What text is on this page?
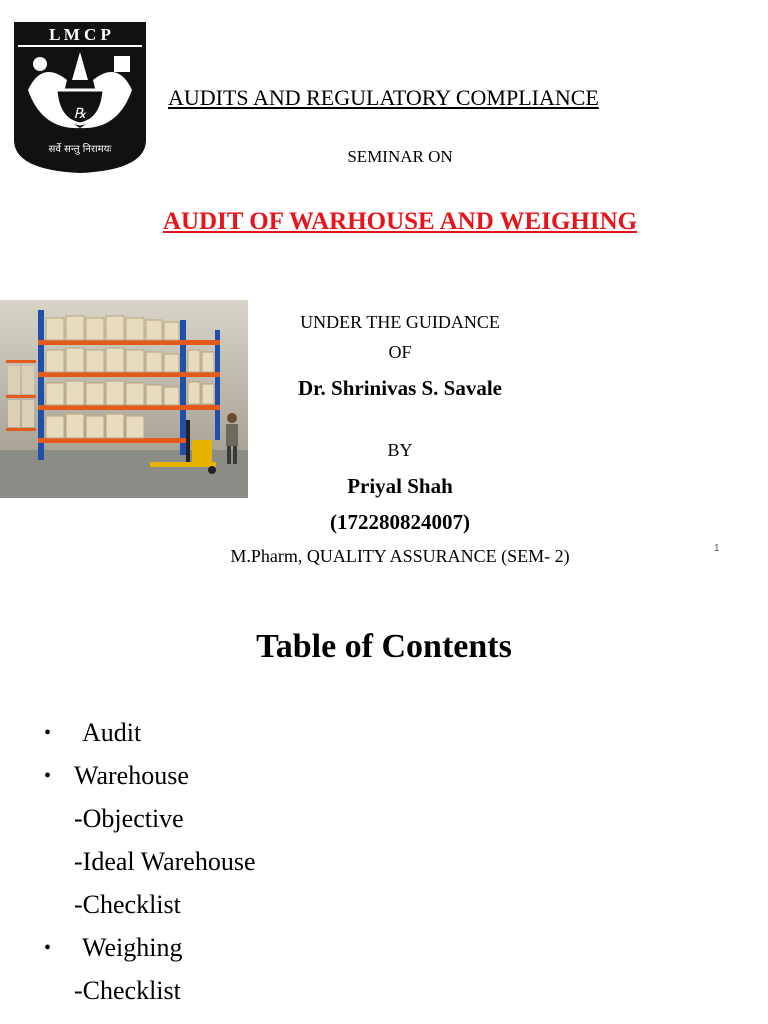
L M C P
℞
सर्वे सन्तु निरामयः
AUDITS AND REGULATORY COMPLIANCE
SEMINAR ON
AUDIT OF WARHOUSE AND WEIGHING
UNDER THE GUIDANCE
OF
Dr. Shrinivas S. Savale
BY
Priyal Shah
(172280824007)
M.Pharm, QUALITY ASSURANCE (SEM- 2)	1
Table of Contents
• Audit
• Warehouse
-Objective
-Ideal Warehouse
-Checklist
• Weighing
-Checklist
